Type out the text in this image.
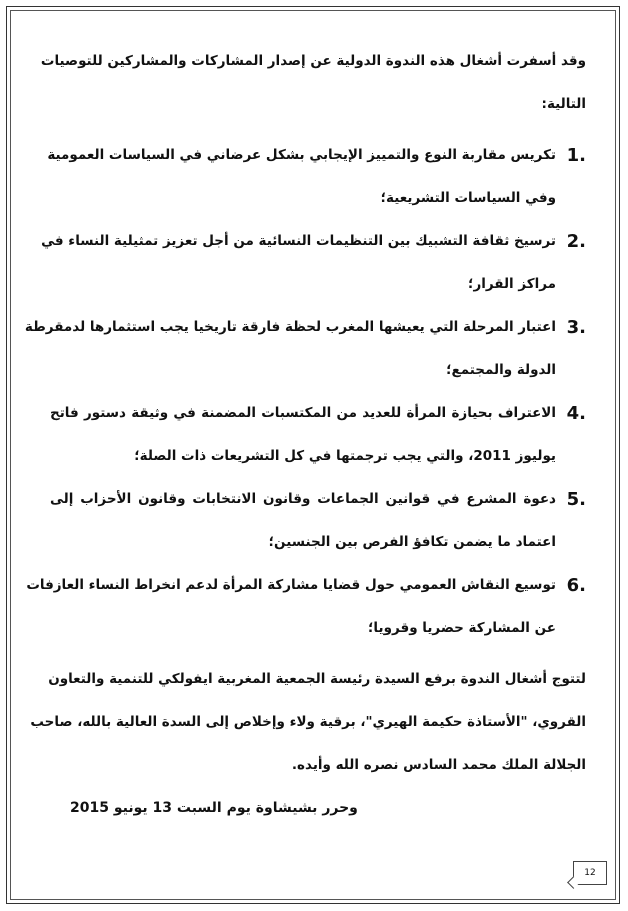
وقد أسفرت أشغال هذه الندوة الدولية عن إصدار المشاركات والمشاركين للتوصيات
التالية:
1.
تكريس مقاربة النوع والتمييز الإيجابي بشكل عرضاني في السياسات العمومية
وفي السياسات التشريعية؛
2.
ترسيخ ثقافة التشبيك بين التنظيمات النسائية من أجل تعزيز تمثيلية النساء في
مراكز القرار؛
3.
اعتبار المرحلة التي يعيشها المغرب لحظة فارقة تاريخيا يجب استثمارها لدمقرطة
الدولة والمجتمع؛
4.
الاعتراف بحيازة المرأة للعديد من المكتسبات المضمنة في وثيقة دستور فاتح
يوليوز 2011، والتي يجب ترجمتها في كل التشريعات ذات الصلة؛
5.
دعوة المشرع في قوانين الجماعات وقانون الانتخابات وقانون الأحزاب إلى
اعتماد ما يضمن تكافؤ الفرص بين الجنسين؛
6.
توسيع النقاش العمومي حول قضايا مشاركة المرأة لدعم انخراط النساء العازفات
عن المشاركة حضريا وقرويا؛
لتتوج أشغال الندوة برفع السيدة رئيسة الجمعية المغربية ايفولكي للتنمية والتعاون
القروي، "الأستاذة حكيمة الهيري"، برقية ولاء وإخلاص إلى السدة العالية بالله، صاحب
الجلالة الملك محمد السادس نصره الله وأيده.
وحرر بشيشاوة يوم السبت 13 يونيو 2015
12
